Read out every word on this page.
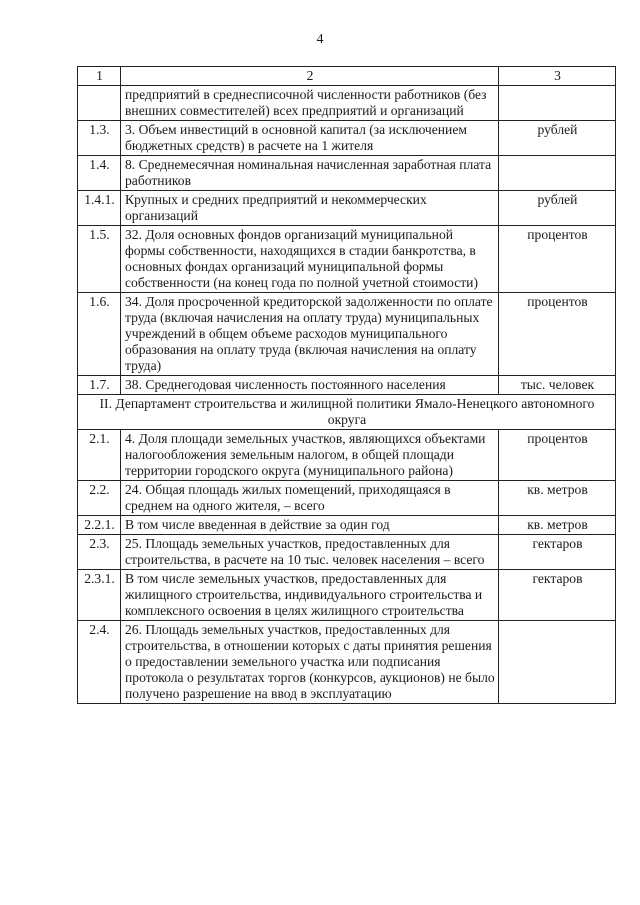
4
1	2	3
	предприятий в среднесписочной численности работников (без внешних совместителей) всех предприятий и организаций	
1.3.	3. Объем инвестиций в основной капитал (за исключением бюджетных средств) в расчете на 1 жителя	рублей
1.4.	8. Среднемесячная номинальная начисленная заработная плата работников	
1.4.1.	Крупных и средних предприятий и некоммерческих организаций	рублей
1.5.	32. Доля основных фондов организаций муниципальной формы собственности, находящихся в стадии банкротства, в основных фондах организаций муниципальной формы собственности (на конец года по полной учетной стоимости)	процентов
1.6.	34. Доля просроченной кредиторской задолженности по оплате труда (включая начисления на оплату труда) муниципальных учреждений в общем объеме расходов муниципального образования на оплату труда (включая начисления на оплату труда)	процентов
1.7.	38. Среднегодовая численность постоянного населения	тыс. человек
II. Департамент строительства и жилищной политики Ямало-Ненецкого автономного округа		
2.1.	4. Доля площади земельных участков, являющихся объектами налогообложения земельным налогом, в общей площади территории городского округа (муниципального района)	процентов
2.2.	24. Общая площадь жилых помещений, приходящаяся в среднем на одного жителя, – всего	кв. метров
2.2.1.	В том числе введенная в действие за один год	кв. метров
2.3.	25. Площадь земельных участков, предоставленных для строительства, в расчете на 10 тыс. человек населения – всего	гектаров
2.3.1.	В том числе земельных участков, предоставленных для жилищного строительства, индивидуального строительства и комплексного освоения в целях жилищного строительства	гектаров
2.4.	26. Площадь земельных участков, предоставленных для строительства, в отношении которых с даты принятия решения о предоставлении земельного участка или подписания протокола о результатах торгов (конкурсов, аукционов) не было получено разрешение на ввод в эксплуатацию	
